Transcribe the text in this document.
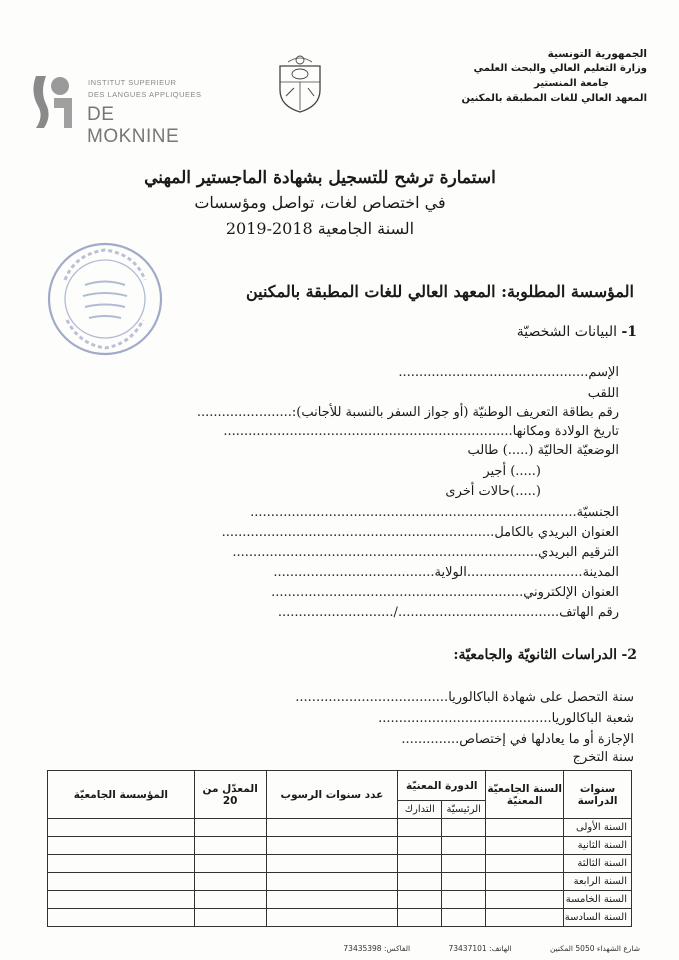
INSTITUT SUPERIEUR
DES LANGUES APPLIQUEES
DE MOKNINE
الجمهورية التونسية
وزارة التعليم العالي والبحث العلمي
جامعة المنستير
المعهد العالي للغات المطبقة بالمكنين
استمارة ترشح للتسجيل بشهادة الماجستير المهني
في اختصاص لغات، تواصل ومؤسسات
السنة الجامعية 2018-2019
المؤسسة المطلوبة: المعهد العالي للغات المطبقة بالمكنين
1- البيانات الشخصيّة
الإسم..............................................
اللقب
رقم بطاقة التعريف الوطنيّة (أو جواز السفر بالنسبة للأجانب):.......................
تاريخ الولادة ومكانها......................................................................
الوضعيّة الحاليّة (.....) طالب
(.....) أجير
(.....)حالات أخرى
الجنسيّة...............................................................................
العنوان البريدي بالكامل..................................................................
الترقيم البريدي..........................................................................
المدينة............................الولاية.......................................
العنوان الإلكتروني.............................................................
رقم الهاتف......................................./............................
2- الدراسات الثانويّة والجامعيّة:
سنة التحصل على شهادة الباكالوريا.....................................
شعبة الباكالوريا..........................................
الإجازة أو ما يعادلها في إختصاص..............
سنة التخرج
سنوات الدراسة	السنة الجامعيّة المعنيّة	الدورة المعنيّة		عدد سنوات الرسوب	المعدّل من 20	المؤسسة الجامعيّة
		الرئيسيّة	التدارك			
السنة الأولى						
السنة الثانية						
السنة الثالثة						
السنة الرابعة						
السنة الخامسة						
السنة السادسة						
شارع الشهداء 5050 المكنين الهاتف: 73437101 الفاكس: 73435398
